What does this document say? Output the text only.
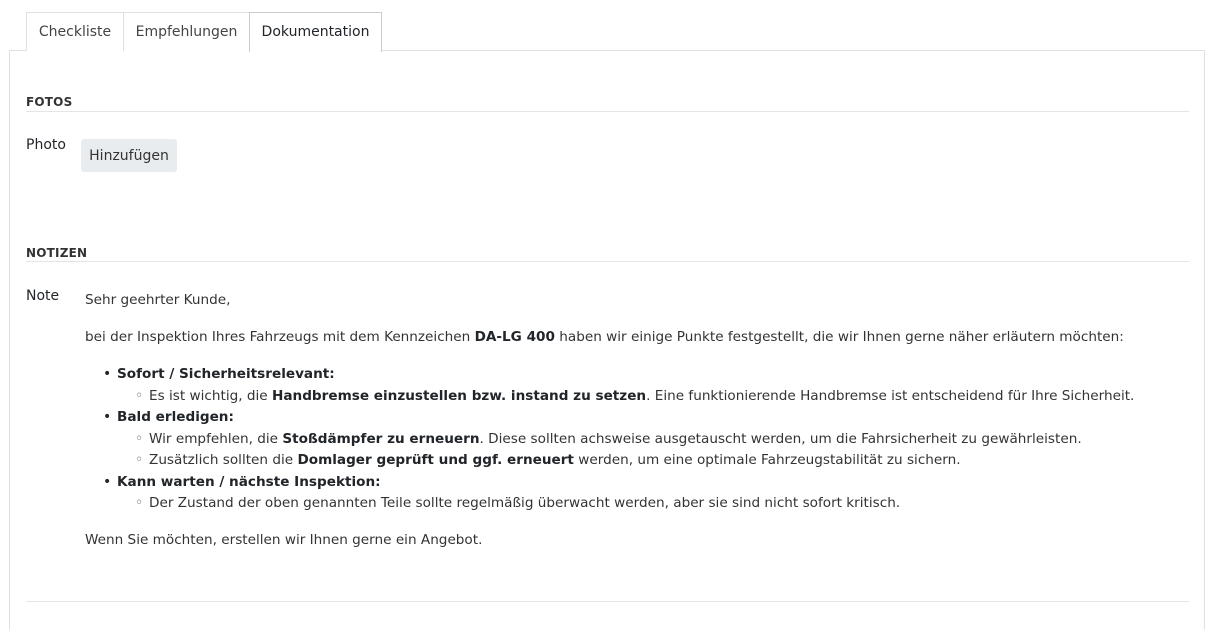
Checkliste	Empfehlungen	Dokumentation
FOTOS
Photo
Hinzufügen
NOTIZEN
Note Sehr geehrter Kunde,
bei der Inspektion Ihres Fahrzeugs mit dem Kennzeichen DA-LG 400 haben wir einige Punkte festgestellt, die wir Ihnen gerne näher erläutern möchten:
• Sofort / Sicherheitsrelevant:
◦ Es ist wichtig, die Handbremse einzustellen bzw. instand zu setzen. Eine funktionierende Handbremse ist entscheidend für Ihre Sicherheit.
• Bald erledigen:
◦ Wir empfehlen, die Stoßdämpfer zu erneuern. Diese sollten achsweise ausgetauscht werden, um die Fahrsicherheit zu gewährleisten.
◦ Zusätzlich sollten die Domlager geprüft und ggf. erneuert werden, um eine optimale Fahrzeugstabilität zu sichern.
• Kann warten / nächste Inspektion:
◦ Der Zustand der oben genannten Teile sollte regelmäßig überwacht werden, aber sie sind nicht sofort kritisch.
Wenn Sie möchten, erstellen wir Ihnen gerne ein Angebot.
